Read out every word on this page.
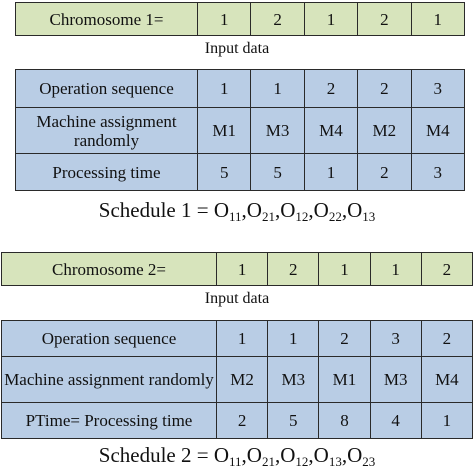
Chromosome 1=	1	2	1	2	1
Input data
Operation sequence	1	1	2	2	3
Machine assignment randomly	M1	M3	M4	M2	M4
Processing time	5	5	1	2	3
Schedule $1 = O_{11},O_{21},O_{12},O_{22},O_{13}$
Chromosome 2=	1	2	1	1	2
Input data
Operation sequence	1	1	2	3	2
Machine assignment randomly	M2	M3	M1	M3	M4
PTime= Processing time	2	5	8	4	1
Schedule $2 = O_{11},O_{21},O_{12},O_{13},O_{23}$
